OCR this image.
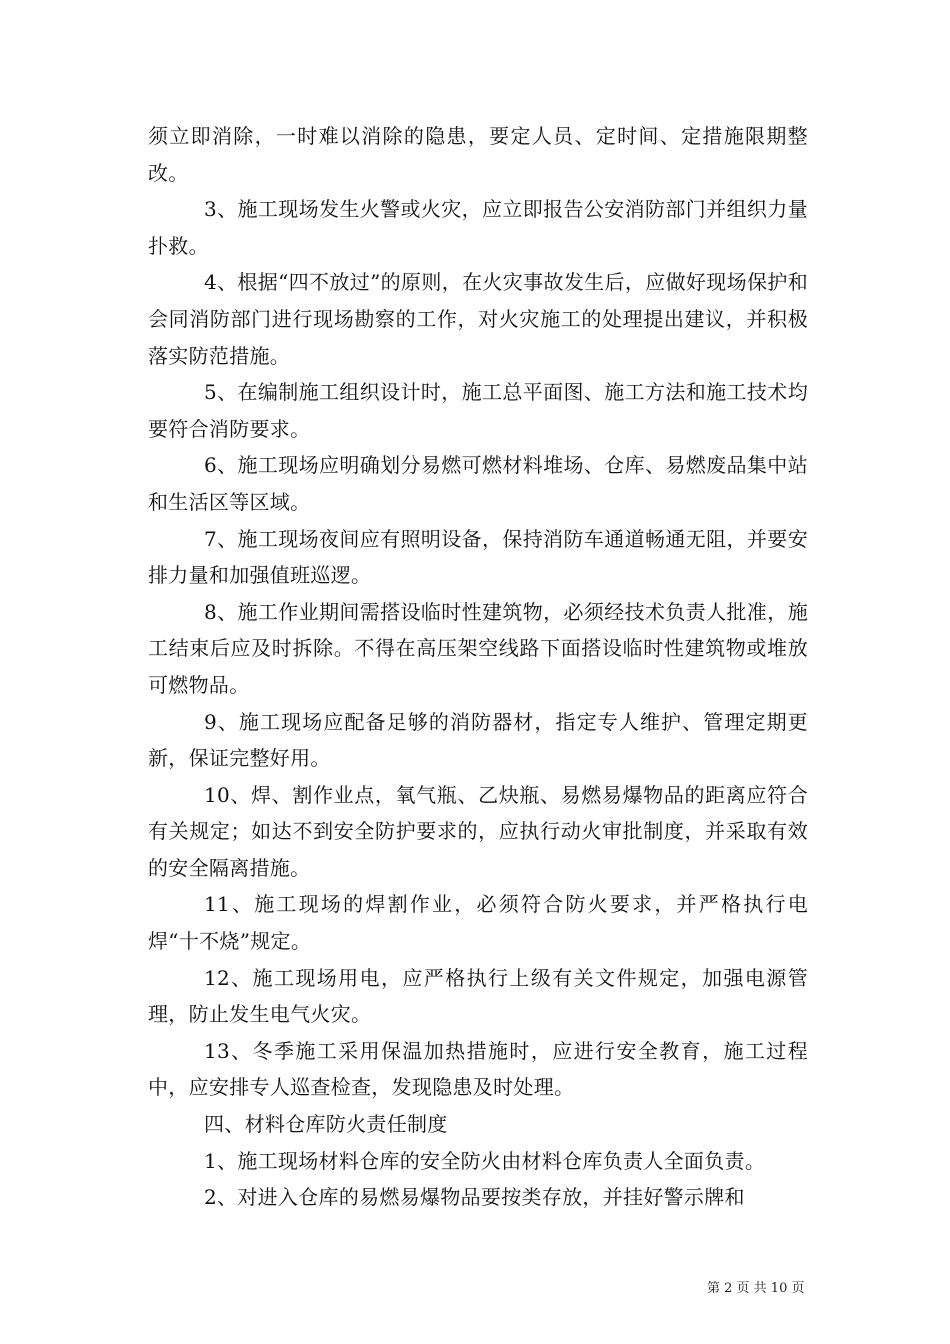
须立即消除，一时难以消除的隐患，要定人员、定时间、定措施限期整改。

3、施工现场发生火警或火灾，应立即报告公安消防部门并组织力量扑救。

4、根据“四不放过”的原则，在火灾事故发生后，应做好现场保护和会同消防部门进行现场勘察的工作，对火灾施工的处理提出建议，并积极落实防范措施。

5、在编制施工组织设计时，施工总平面图、施工方法和施工技术均要符合消防要求。

6、施工现场应明确划分易燃可燃材料堆场、仓库、易燃废品集中站和生活区等区域。

7、施工现场夜间应有照明设备，保持消防车通道畅通无阻，并要安排力量和加强值班巡逻。

8、施工作业期间需搭设临时性建筑物，必须经技术负责人批准，施工结束后应及时拆除。不得在高压架空线路下面搭设临时性建筑物或堆放可燃物品。

9、施工现场应配备足够的消防器材，指定专人维护、管理定期更新，保证完整好用。

10、焊、割作业点，氧气瓶、乙炔瓶、易燃易爆物品的距离应符合有关规定；如达不到安全防护要求的，应执行动火审批制度，并采取有效的安全隔离措施。

11、施工现场的焊割作业，必须符合防火要求，并严格执行电焊“十不烧”规定。

12、施工现场用电，应严格执行上级有关文件规定，加强电源管理，防止发生电气火灾。

13、冬季施工采用保温加热措施时，应进行安全教育，施工过程中，应安排专人巡查检查，发现隐患及时处理。

四、材料仓库防火责任制度

1、施工现场材料仓库的安全防火由材料仓库负责人全面负责。

2、对进入仓库的易燃易爆物品要按类存放，并挂好警示牌和

第 2 页 共 10 页
